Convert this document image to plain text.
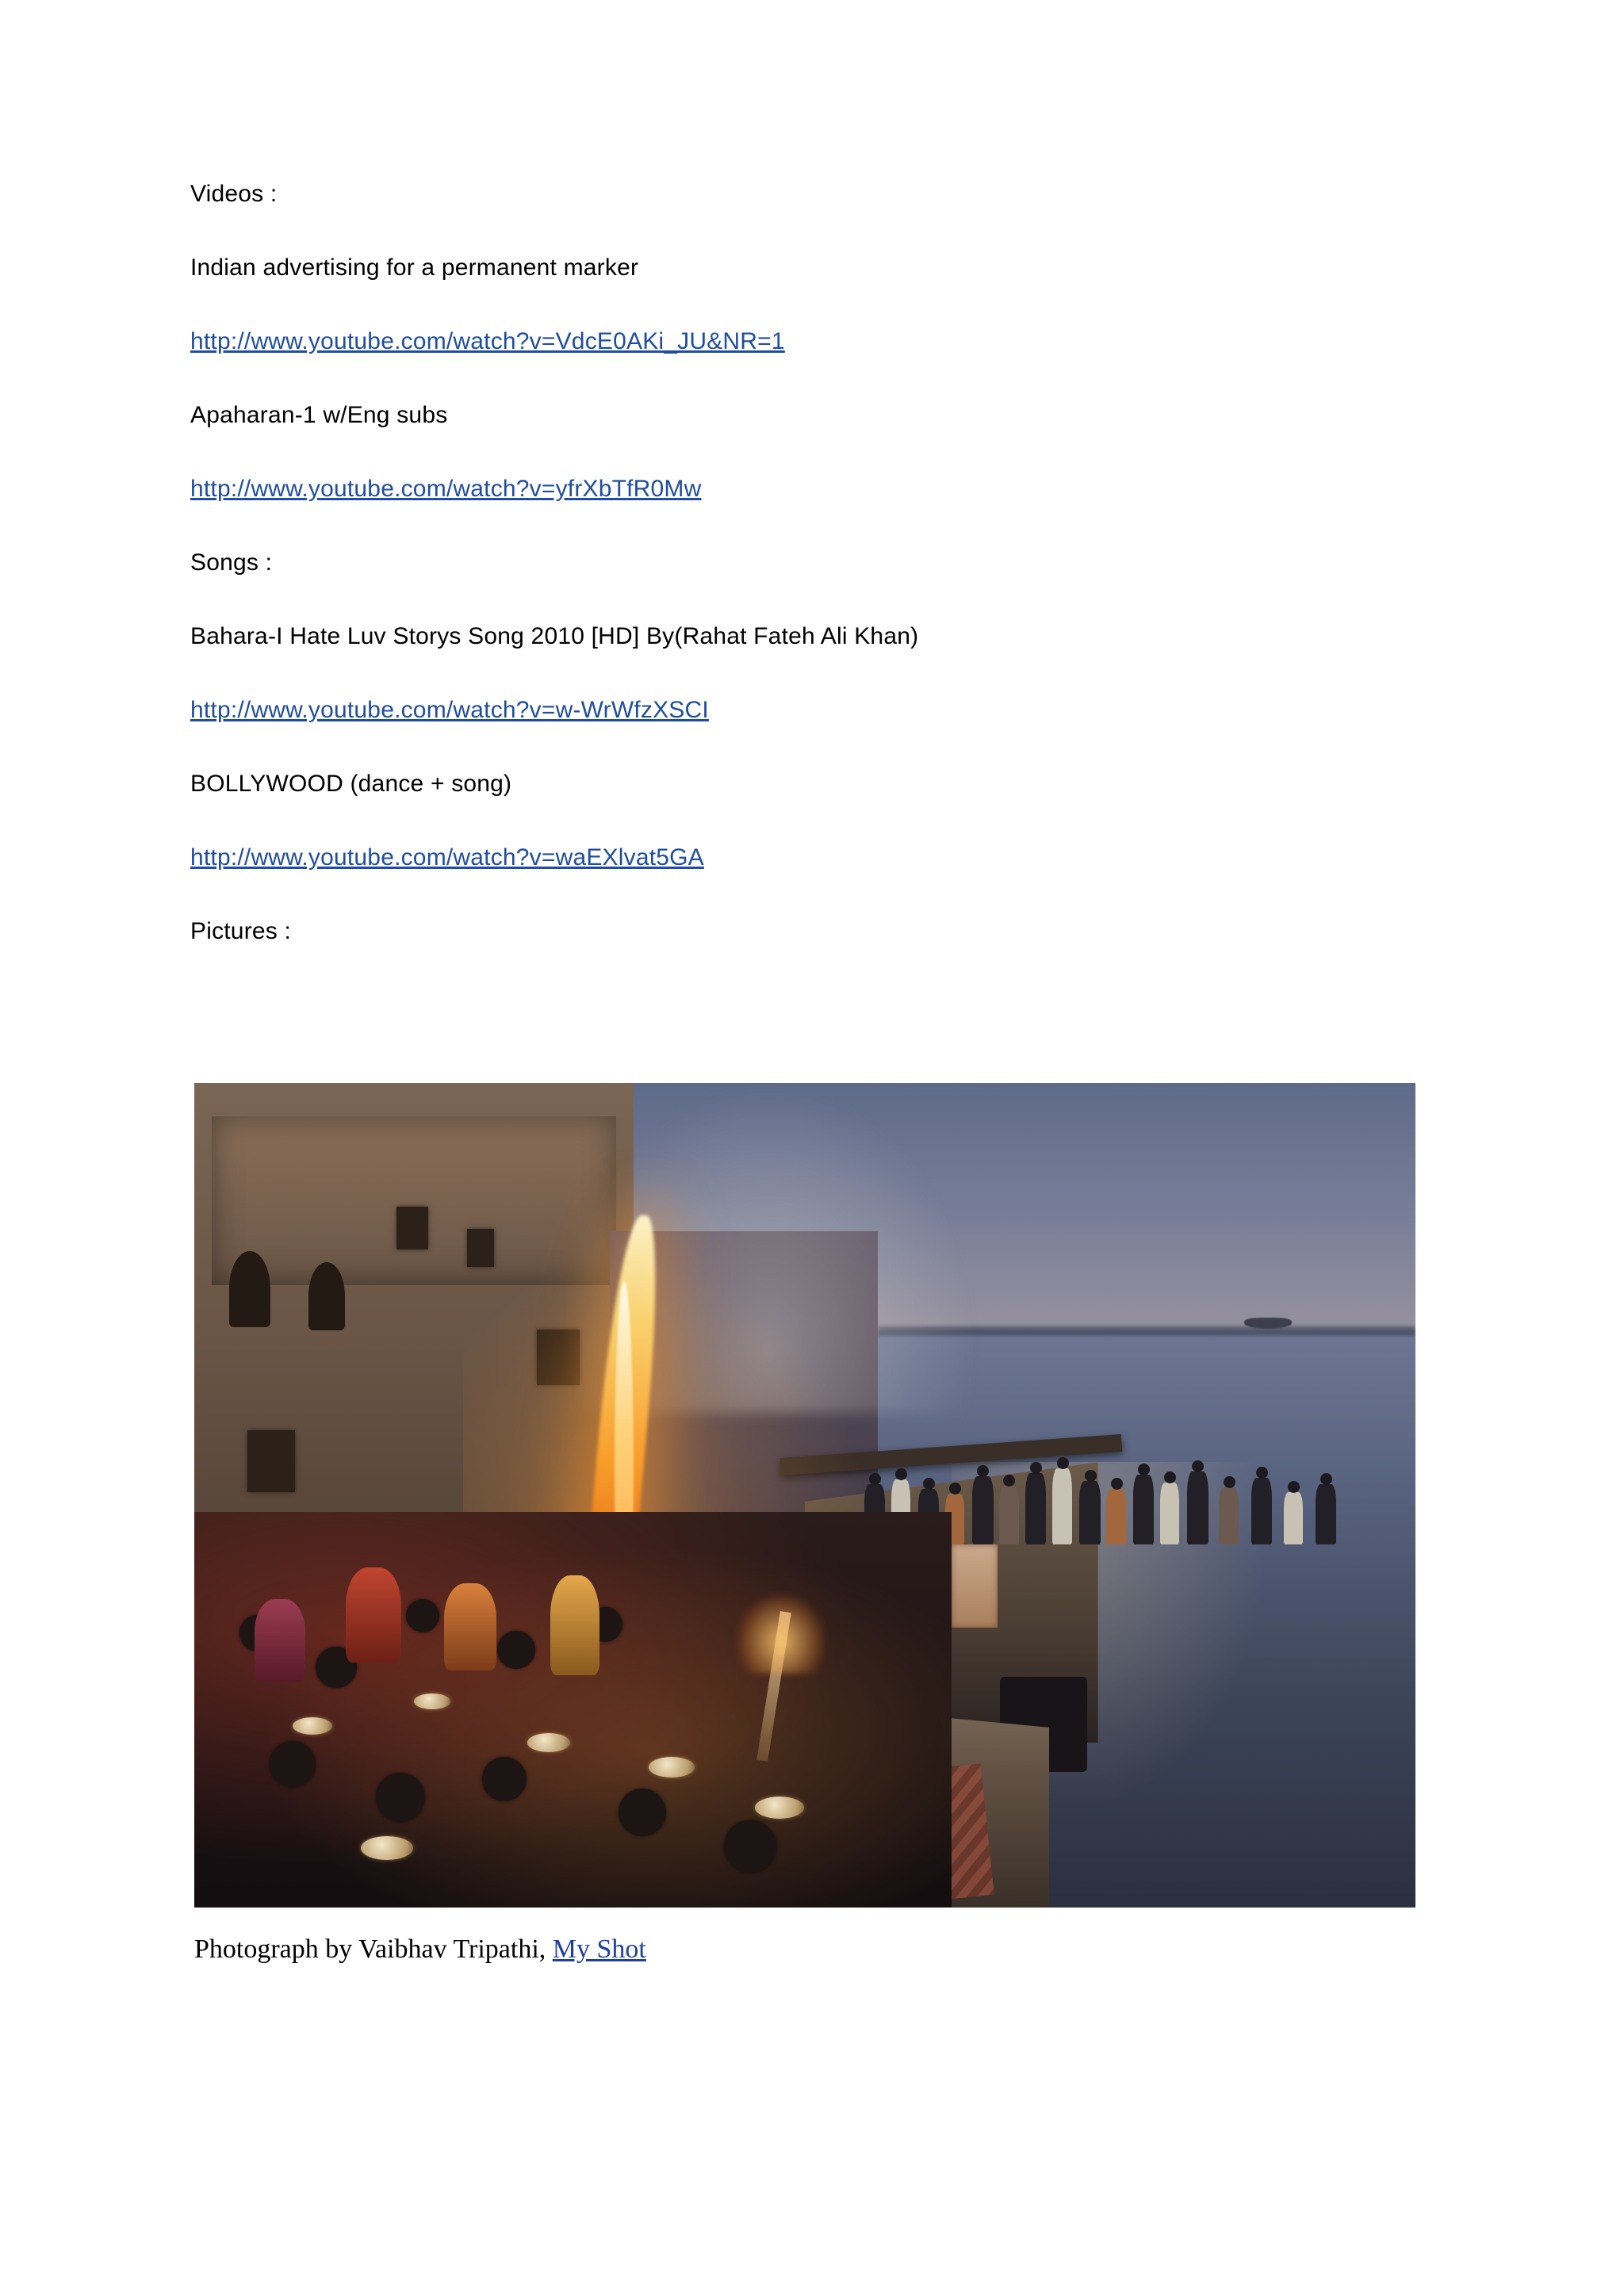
Videos :

Indian advertising for a permanent marker

http://www.youtube.com/watch?v=VdcE0AKi_JU&NR=1

Apaharan-1 w/Eng subs

http://www.youtube.com/watch?v=yfrXbTfR0Mw

Songs :

Bahara-I Hate Luv Storys Song 2010 [HD] By(Rahat Fateh Ali Khan)

http://www.youtube.com/watch?v=w-WrWfzXSCI

BOLLYWOOD (dance + song)

http://www.youtube.com/watch?v=waEXlvat5GA

Pictures :

Photograph by Vaibhav Tripathi, My Shot
